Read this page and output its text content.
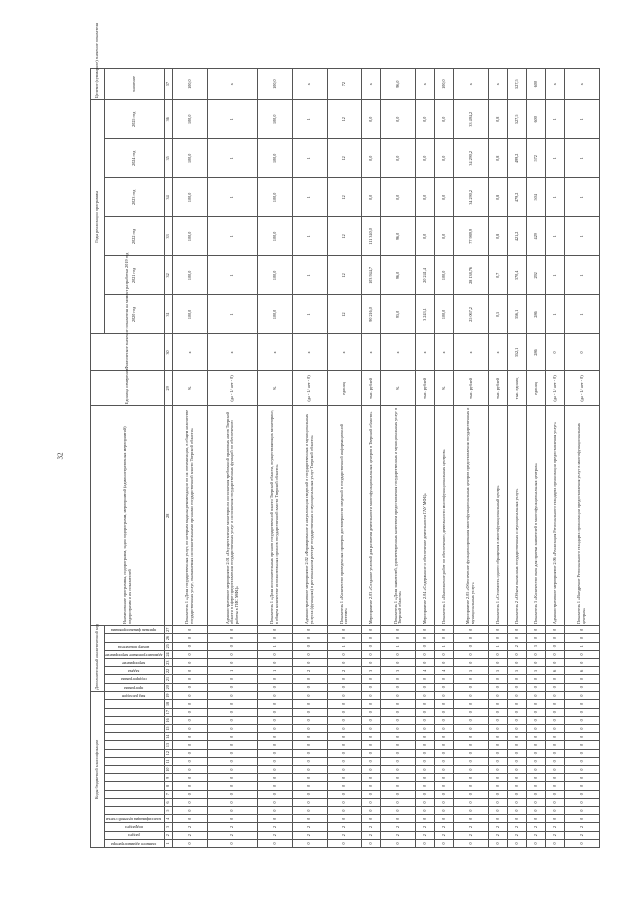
32
Коды бюджетной классификации																			Дополнительный аналитический код								Наименование программы, подпрограмм, задач подпрограмм, мероприятий (административных мероприятий) подпрограмм и их показателей	Единица измерения	Фактическое значение показателя на момент разработки 2019 год	Годы реализации программы						Целевое (суммарное) значение показателя
главного администратора	раздел	подраздел	классификация целевой статьи															вид расходов	программа	подпрограмма	задача	мероприятие	административное мероприятие	номер показателя		признак финансирования				2020 год	2021 год	2022 год	2023 год	2024 год	2025 год	значение
1	2	3	4	5	6	7	8	9	10	11	12	13	14	15	16	17	18	19	20	21	22	23	24	25	26	27	28	29	30	31	32	33	34	35	36	37
0	2	2	0	0	0	0	0	0	0	0	0	0	0	0	0	0	0	0	0	0	0	0	0	0	0	0	Показатель 1 «Доля государственных услуг, по которым выданы рекомендации по их оптимизации, в общем количестве государственных услуг, оказываемых исполнительными органами государственной власти Тверской области»	%	х	100,0	100,0	100,0	100,0	100,0	100,0	100,0
0	2	2	0	0	0	0	0	0	0	0	0	0	0	0	0	0	0	0	0	0	1	0	0	0	0	0	Административное мероприятие 2.01 «Осуществление мониторинга исполнения требований правовых актов Тверской области в сфере предоставления государственных услуг и исполнения государственных функций по обеспечению работы в ГИС МФЦ»	(да - 1/ нет - 0)	х	1	1	1	1	1	1	х
0	2	2	0	0	0	0	0	0	0	0	0	0	0	0	0	0	0	0	0	0	1	0	0	1	0	0	Показатель 1 «Доля исполнительных органов государственной власти Тверской области, осуществляющих мониторинг, в общем количестве исполнительных органов государственной власти Тверской области»	%	х	100,0	100,0	100,0	100,0	100,0	100,0	100,0
0	2	2	0	0	0	0	0	0	0	0	0	0	0	0	0	0	0	0	0	0	2	0	0	0	0	0	Административное мероприятие 2.02 «Формирование и актуализация сведений о государственных и муниципальных услугах (функциях) в региональном реестре государственных и муниципальных услуг Тверской области»	(да - 1/ нет - 0)	х	1	1	1	1	1	1	х
0	2	2	0	0	0	0	0	0	0	0	0	0	0	0	0	0	0	0	0	0	2	0	0	1	0	0	Показатель 1 «Количество проведенных проверок достоверности сведений в государственной информационной системе»	единиц	х	12	12	12	12	12	12	72
0	2	2	0	0	0	0	0	0	0	0	0	0	0	0	0	0	0	0	0	0	3	0	0	0	0	0	Мероприятие 2.03 «Создание условий для развития деятельности многофункциональных центров в Тверской области»	тыс. рублей	х	90 216,0	103 944,7	111 340,0	0,0	0,0	0,0	х
0	2	2	0	0	0	0	0	0	0	0	0	0	0	0	0	0	0	0	0	0	3	0	0	1	0	0	Показатель 1 «Доля заявителей, удовлетворенных качеством предоставления государственных и муниципальных услуг в Тверской области»	%	х	95,0	96,0	96,0	0,0	0,0	0,0	96,0
0	2	2	0	0	0	0	0	0	0	0	0	0	0	0	0	0	0	0	0	0	4	0	0	0	0	0	Мероприятие 2.04 «Содержание и обеспечение деятельности ГАУ МФЦ»	тыс. рублей	х	3 243,1	20 241,4	0,0	0,0	0,0	0,0	х
0	2	2	0	0	0	0	0	0	0	0	0	0	0	0	0	0	0	0	0	0	4	0	0	1	0	0	Показатель 1 «Выполнение работ по обеспечению деятельности многофункциональных центров»	%	х	100,0	100,0	0,0	0,0	0,0	0,0	100,0
0	2	2	0	0	0	0	0	0	0	0	0	0	0	0	0	0	0	0	0	0	5	0	0	0	0	0	Мероприятие 2.05 «Обеспечение функционирования многофункциональных центров предоставления государственных и муниципальных услуг»	тыс. рублей	х	25 067,2	28 138,76	77 989,9	34 290,2	34 290,2	33 494,2	х
0	2	2	0	0	0	0	0	0	0	0	0	0	0	0	0	0	0	0	0	0	5	0	0	1	0	0	Показатель 1 «Стоимость одного обращения в многофункциональный центр»	тыс. рублей	х	0,5	0,7	0,8	0,8	0,8	0,8	х
0	2	2	0	0	0	0	0	0	0	0	0	0	0	0	0	0	0	0	0	0	5	0	0	2	0	0	Показатель 2 «Объем оказанных государственных и муниципальных услуг»	тыс. единиц	352,1	356,1	370,4	421,2	479,2	499,2	527,5	527,5
0	2	2	0	0	0	0	0	0	0	0	0	0	0	0	0	0	0	0	0	0	5	0	0	3	0	0	Показатель 3 «Количество окон для приема заявителей в многофункциональных центрах»	единиц	286	286	292	429	504	572	600	600
0	2	2	0	0	0	0	0	0	0	0	0	0	0	0	0	0	0	0	0	0	6	0	0	0	0	0	Административное мероприятие 2.06 «Реализация Регионального стандарта организации предоставления услуг»	(да - 1/ нет - 0)	0	1	1	1	1	1	1	х
0	2	2	0	0	0	0	0	0	0	0	0	0	0	0	0	0	0	0	0	0	6	0	0	1	0	0	Показатель 1 «Внедрение Регионального стандарта организации предоставления услуг в многофункциональных центрах»	(да - 1/ нет - 0)	0	1	1	1	1	1	1	х
